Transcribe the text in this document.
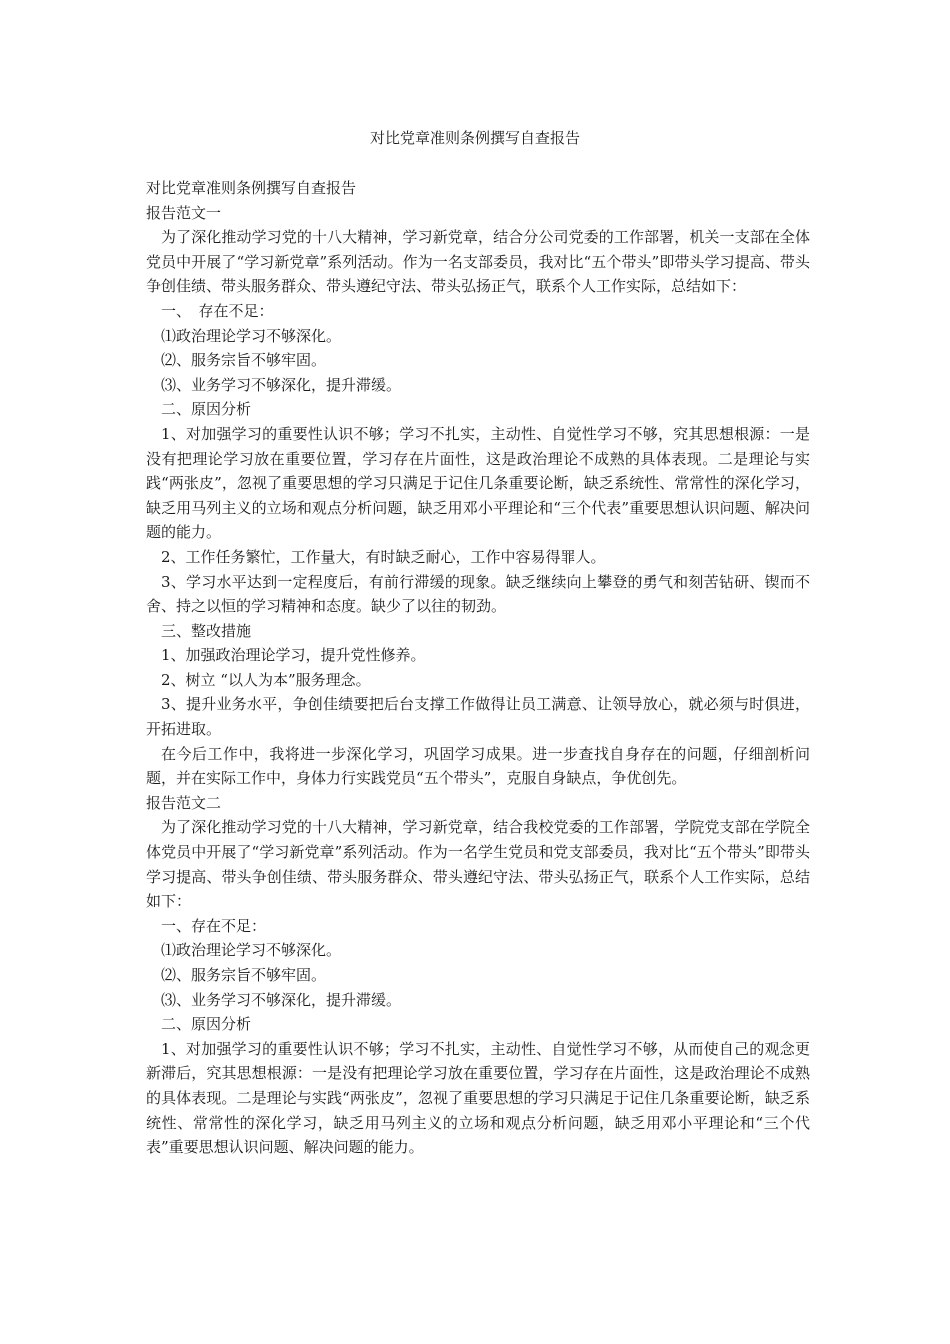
对比党章准则条例撰写自查报告

对比党章准则条例撰写自查报告

报告范文一

为了深化推动学习党的十八大精神，学习新党章，结合分公司党委的工作部署，机关一支部在全体党员中开展了“学习新党章”系列活动。作为一名支部委员，我对比“五个带头”即带头学习提高、带头争创佳绩、带头服务群众、带头遵纪守法、带头弘扬正气，联系个人工作实际，总结如下：

一、　存在不足：

⑴政治理论学习不够深化。

⑵、服务宗旨不够牢固。

⑶、业务学习不够深化，提升滞缓。

二、原因分析

1、对加强学习的重要性认识不够；学习不扎实，主动性、自觉性学习不够，究其思想根源：一是没有把理论学习放在重要位置，学习存在片面性，这是政治理论不成熟的具体表现。二是理论与实践“两张皮”，忽视了重要思想的学习只满足于记住几条重要论断，缺乏系统性、常常性的深化学习，缺乏用马列主义的立场和观点分析问题，缺乏用邓小平理论和“三个代表”重要思想认识问题、解决问题的能力。

2、工作任务繁忙，工作量大，有时缺乏耐心，工作中容易得罪人。

3、学习水平达到一定程度后，有前行滞缓的现象。缺乏继续向上攀登的勇气和刻苦钻研、锲而不舍、持之以恒的学习精神和态度。缺少了以往的韧劲。

三、整改措施

1、加强政治理论学习，提升党性修养。

2、树立 “以人为本”服务理念。

3、提升业务水平，争创佳绩要把后台支撑工作做得让员工满意、让领导放心，就必须与时俱进，开拓进取。

在今后工作中，我将进一步深化学习，巩固学习成果。进一步查找自身存在的问题，仔细剖析问题，并在实际工作中，身体力行实践党员“五个带头”，克服自身缺点，争优创先。

报告范文二

为了深化推动学习党的十八大精神，学习新党章，结合我校党委的工作部署，学院党支部在学院全体党员中开展了“学习新党章”系列活动。作为一名学生党员和党支部委员，我对比“五个带头”即带头学习提高、带头争创佳绩、带头服务群众、带头遵纪守法、带头弘扬正气，联系个人工作实际，总结如下：

一、存在不足：

⑴政治理论学习不够深化。

⑵、服务宗旨不够牢固。

⑶、业务学习不够深化，提升滞缓。

二、原因分析

1、对加强学习的重要性认识不够；学习不扎实，主动性、自觉性学习不够，从而使自己的观念更新滞后，究其思想根源：一是没有把理论学习放在重要位置，学习存在片面性，这是政治理论不成熟的具体表现。二是理论与实践“两张皮”，忽视了重要思想的学习只满足于记住几条重要论断，缺乏系统性、常常性的深化学习，缺乏用马列主义的立场和观点分析问题，缺乏用邓小平理论和“三个代表”重要思想认识问题、解决问题的能力。
